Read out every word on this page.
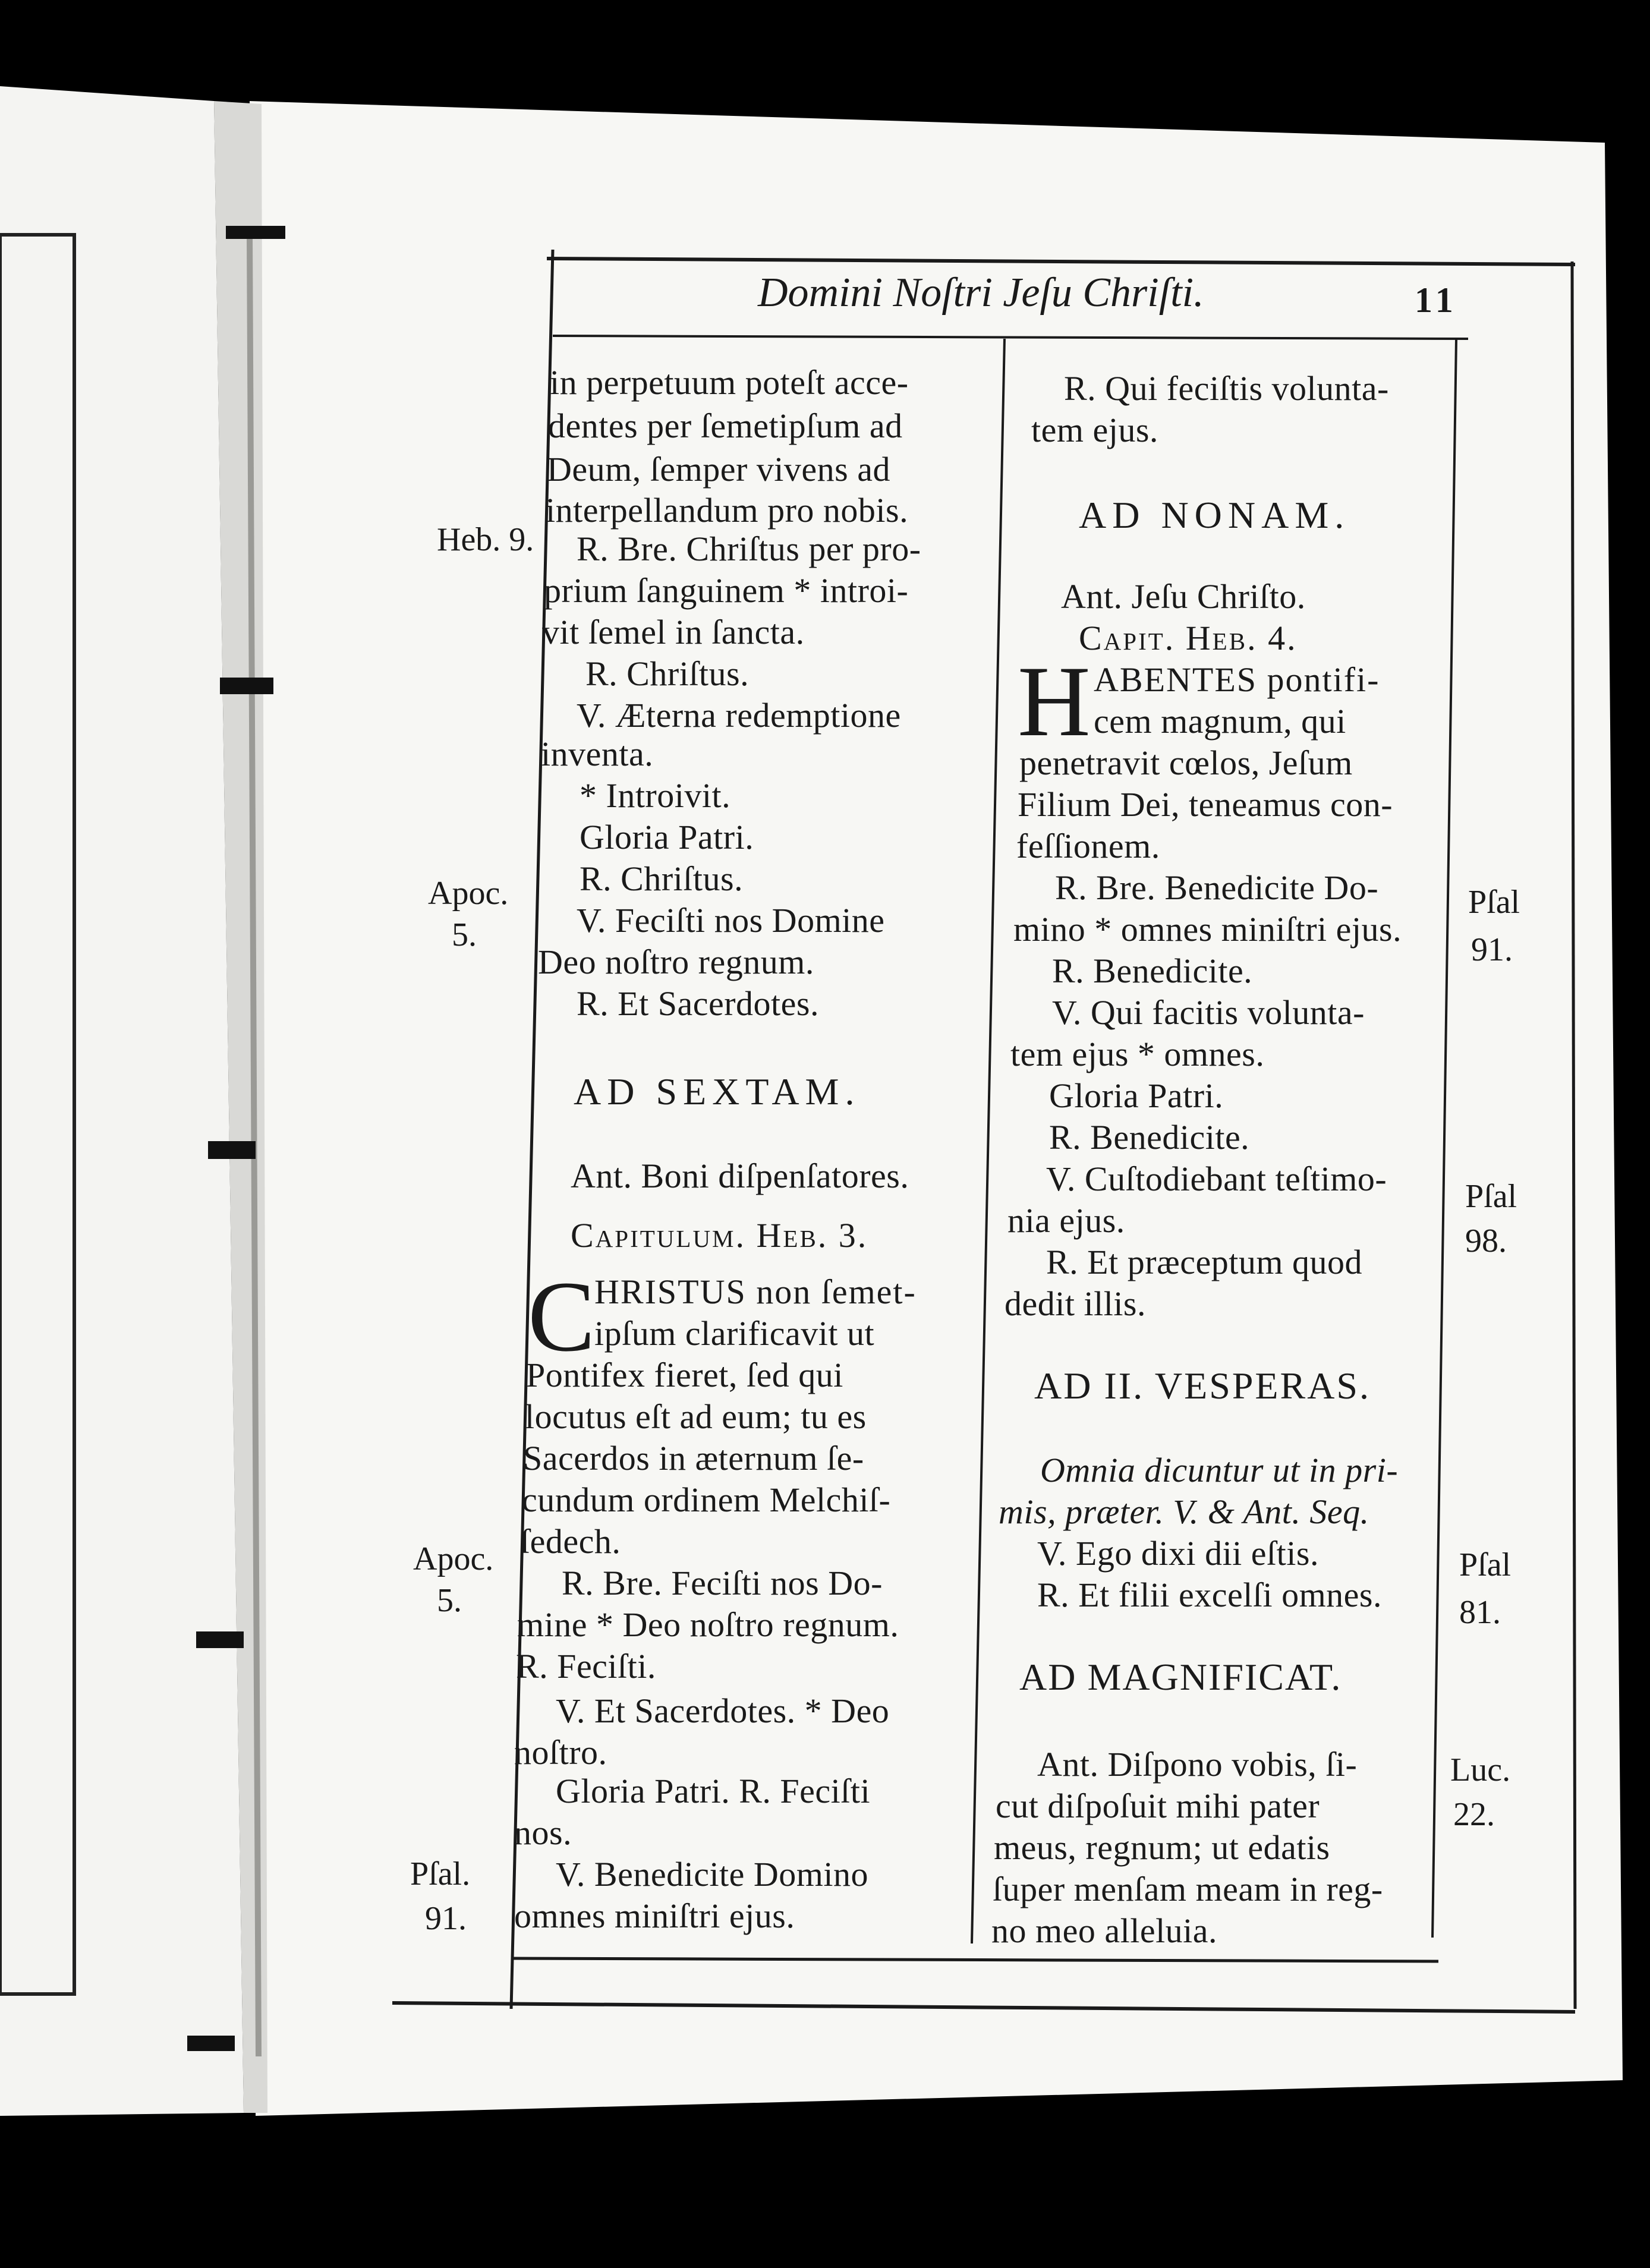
Domini Noſtri Jeſu Chriſti.	11
in perpetuum poteſt acce-
dentes per ſemetipſum ad
Deum, ſemper vivens ad
interpellandum pro nobis.
R. Bre. Chriſtus per pro-
prium ſanguinem * introi-
vit ſemel in ſancta.
R. Chriſtus.
V. Æterna redemptione
inventa.
* Introivit.
Gloria Patri.
R. Chriſtus.
V. Feciſti nos Domine
Deo noſtro regnum.
R. Et Sacerdotes.
AD SEXTAM.
Ant. Boni diſpenſatores.
Capitulum. Heb. 3.
C
HRISTUS non ſemet-
ipſum clarificavit ut
Pontifex fieret, ſed qui
locutus eſt ad eum; tu es
Sacerdos in æternum ſe-
cundum ordinem Melchiſ-
ſedech.
R. Bre. Feciſti nos Do-
mine * Deo noſtro regnum.
R. Feciſti.
V. Et Sacerdotes. * Deo
noſtro.
Gloria Patri. R. Feciſti
nos.
V. Benedicite Domino
omnes miniſtri ejus.
R. Qui feciſtis volunta-
tem ejus.
AD NONAM.
Ant. Jeſu Chriſto.
Capit. Heb. 4.
H ABENTES pontifi-
cem magnum, qui
penetravit cœlos, Jeſum
Filium Dei, teneamus con-
feſſionem.
R. Bre. Benedicite Do-
mino * omnes miniſtri ejus.
R. Benedicite.
V. Qui facitis volunta-
tem ejus * omnes.
Gloria Patri.
R. Benedicite.
V. Cuſtodiebant teſtimo-
nia ejus.
R. Et præceptum quod
dedit illis.
AD II. VESPERAS.
Omnia dicuntur ut in pri-
mis, præter. V. & Ant. Seq.
V. Ego dixi dii eſtis.
R. Et filii excelſi omnes.
AD MAGNIFICAT.
Ant. Diſpono vobis, ſi-
cut diſpoſuit mihi pater
meus, regnum; ut edatis
ſuper menſam meam in reg-
no meo alleluia.
Heb. 9.
Apoc.
5.
Apoc.
5.
Pſal.
91.
Pſal
91.
Pſal
98.
Pſal
81.
Luc.
22.
